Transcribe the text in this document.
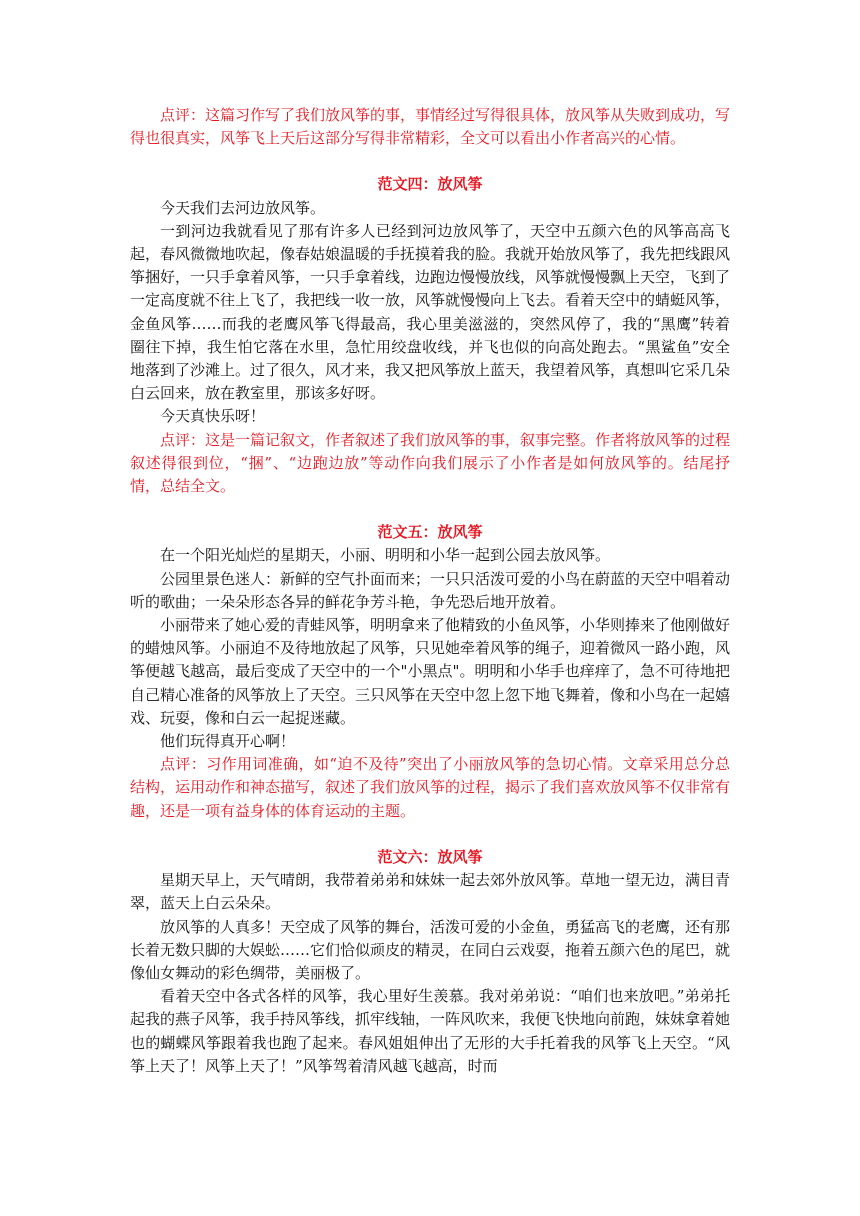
点评：这篇习作写了我们放风筝的事，事情经过写得很具体，放风筝从失败到成功，写得也很真实，风筝飞上天后这部分写得非常精彩，全文可以看出小作者高兴的心情。

范文四：放风筝

今天我们去河边放风筝。

一到河边我就看见了那有许多人已经到河边放风筝了，天空中五颜六色的风筝高高飞起，春风微微地吹起，像春姑娘温暖的手抚摸着我的脸。我就开始放风筝了，我先把线跟风筝捆好，一只手拿着风筝，一只手拿着线，边跑边慢慢放线，风筝就慢慢飘上天空，飞到了一定高度就不往上飞了，我把线一收一放，风筝就慢慢向上飞去。看着天空中的蜻蜓风筝，金鱼风筝……而我的老鹰风筝飞得最高，我心里美滋滋的，突然风停了，我的“黑鹰”转着圈往下掉，我生怕它落在水里，急忙用绞盘收线，并飞也似的向高处跑去。“黑鲨鱼”安全地落到了沙滩上。过了很久，风才来，我又把风筝放上蓝天，我望着风筝，真想叫它采几朵白云回来，放在教室里，那该多好呀。

今天真快乐呀！

点评：这是一篇记叙文，作者叙述了我们放风筝的事，叙事完整。作者将放风筝的过程叙述得很到位，“捆”、“边跑边放”等动作向我们展示了小作者是如何放风筝的。结尾抒情，总结全文。

范文五：放风筝

在一个阳光灿烂的星期天，小丽、明明和小华一起到公园去放风筝。

公园里景色迷人：新鲜的空气扑面而来；一只只活泼可爱的小鸟在蔚蓝的天空中唱着动听的歌曲；一朵朵形态各异的鲜花争芳斗艳，争先恐后地开放着。

小丽带来了她心爱的青蛙风筝，明明拿来了他精致的小鱼风筝，小华则捧来了他刚做好的蜡烛风筝。小丽迫不及待地放起了风筝，只见她牵着风筝的绳子，迎着微风一路小跑，风筝便越飞越高，最后变成了天空中的一个"小黑点"。明明和小华手也痒痒了，急不可待地把自己精心准备的风筝放上了天空。三只风筝在天空中忽上忽下地飞舞着，像和小鸟在一起嬉戏、玩耍，像和白云一起捉迷藏。

他们玩得真开心啊！

点评：习作用词准确，如“迫不及待”突出了小丽放风筝的急切心情。文章采用总分总结构，运用动作和神态描写，叙述了我们放风筝的过程，揭示了我们喜欢放风筝不仅非常有趣，还是一项有益身体的体育运动的主题。

范文六：放风筝

星期天早上，天气晴朗，我带着弟弟和妹妹一起去郊外放风筝。草地一望无边，满目青翠，蓝天上白云朵朵。

放风筝的人真多！天空成了风筝的舞台，活泼可爱的小金鱼，勇猛高飞的老鹰，还有那长着无数只脚的大娱蚣……它们恰似顽皮的精灵，在同白云戏耍，拖着五颜六色的尾巴，就像仙女舞动的彩色绸带，美丽极了。

看着天空中各式各样的风筝，我心里好生羡慕。我对弟弟说：“咱们也来放吧。”弟弟托起我的燕子风筝，我手持风筝线，抓牢线轴，一阵风吹来，我便飞快地向前跑，妹妹拿着她也的蝴蝶风筝跟着我也跑了起来。春风姐姐伸出了无形的大手托着我的风筝飞上天空。“风筝上天了！风筝上天了！”风筝驾着清风越飞越高，时而
